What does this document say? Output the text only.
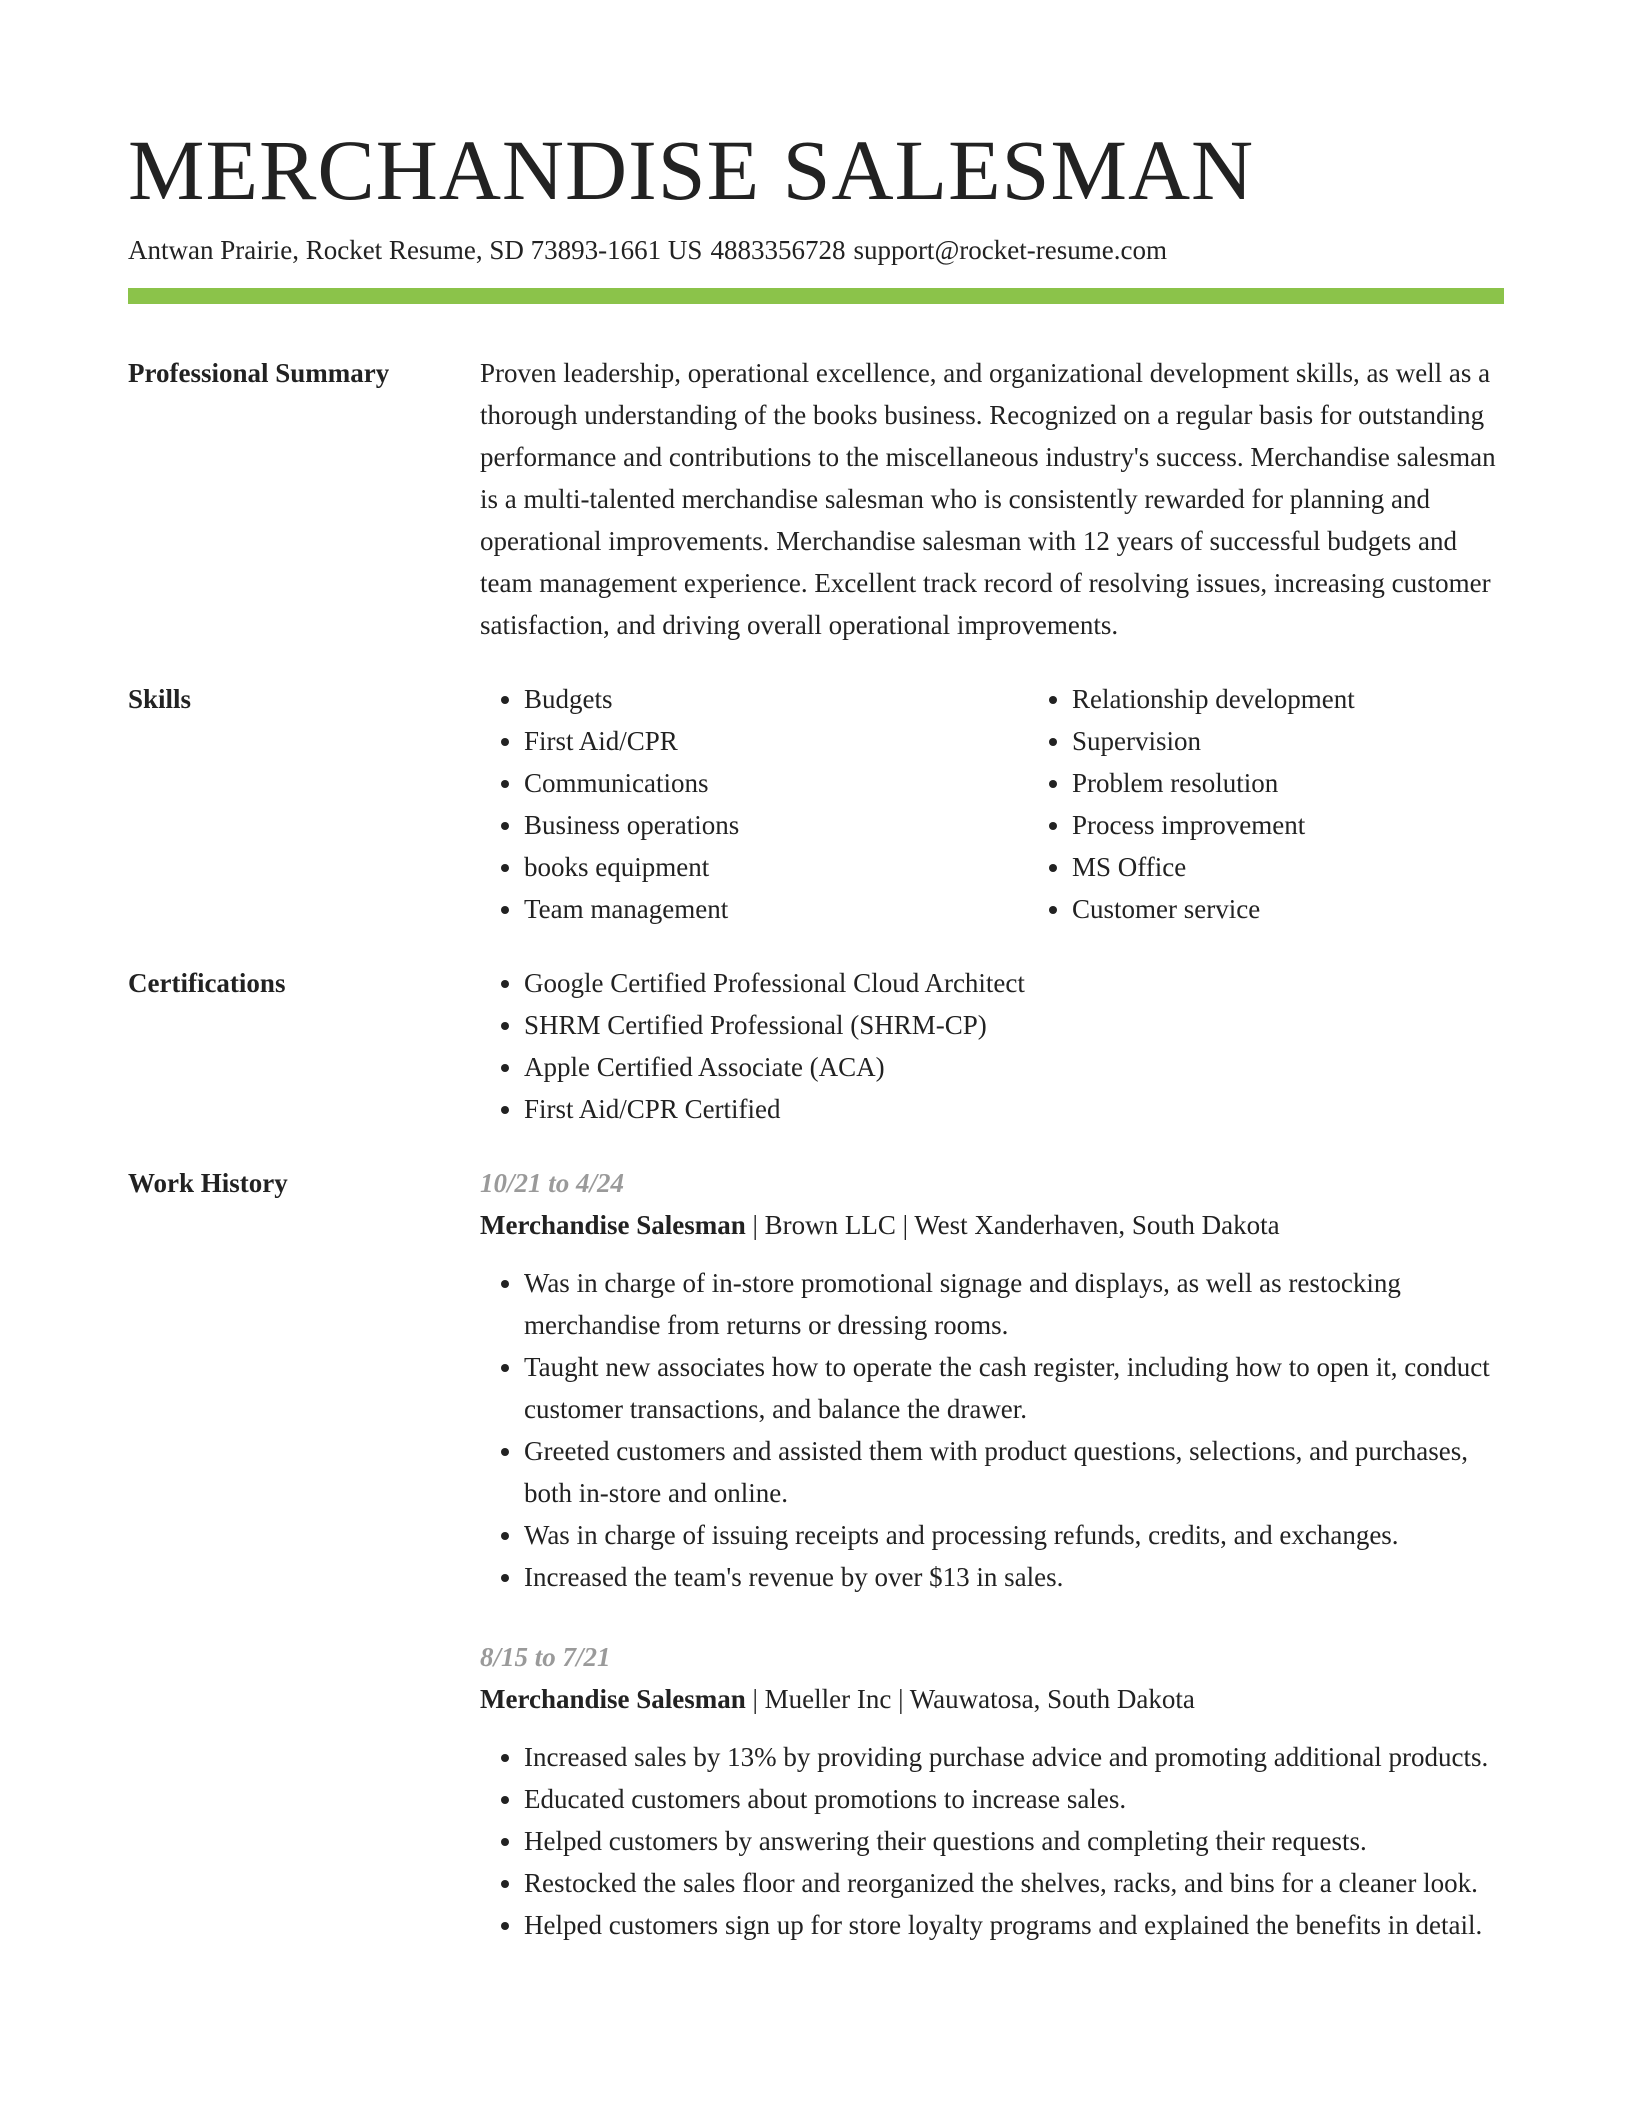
MERCHANDISE SALESMAN
Antwan Prairie, Rocket Resume, SD 73893-1661 US 4883356728 support@rocket-resume.com
Professional Summary	Proven leadership, operational excellence, and organizational development skills, as well as a thorough understanding of the books business. Recognized on a regular basis for outstanding performance and contributions to the miscellaneous industry's success. Merchandise salesman is a multi-talented merchandise salesman who is consistently rewarded for planning and operational improvements. Merchandise salesman with 12 years of successful budgets and team management experience. Excellent track record of resolving issues, increasing customer satisfaction, and driving overall operational improvements.

Skills	• Budgets
• First Aid/CPR
• Communications
• Business operations
• books equipment
• Team management
• Relationship development
• Supervision
• Problem resolution
• Process improvement
• MS Office
• Customer service
Certifications	• Google Certified Professional Cloud Architect
• SHRM Certified Professional (SHRM-CP)
• Apple Certified Associate (ACA)
• First Aid/CPR Certified
Work History	10/21 to 4/24
Merchandise Salesman | Brown LLC | West Xanderhaven, South Dakota
• Was in charge of in-store promotional signage and displays, as well as restocking merchandise from returns or dressing rooms.
• Taught new associates how to operate the cash register, including how to open it, conduct customer transactions, and balance the drawer.
• Greeted customers and assisted them with product questions, selections, and purchases, both in-store and online.
• Was in charge of issuing receipts and processing refunds, credits, and exchanges.
• Increased the team's revenue by over $13 in sales.
8/15 to 7/21
Merchandise Salesman | Mueller Inc | Wauwatosa, South Dakota
• Increased sales by 13% by providing purchase advice and promoting additional products.
• Educated customers about promotions to increase sales.
• Helped customers by answering their questions and completing their requests.
• Restocked the sales floor and reorganized the shelves, racks, and bins for a cleaner look.
• Helped customers sign up for store loyalty programs and explained the benefits in detail.
